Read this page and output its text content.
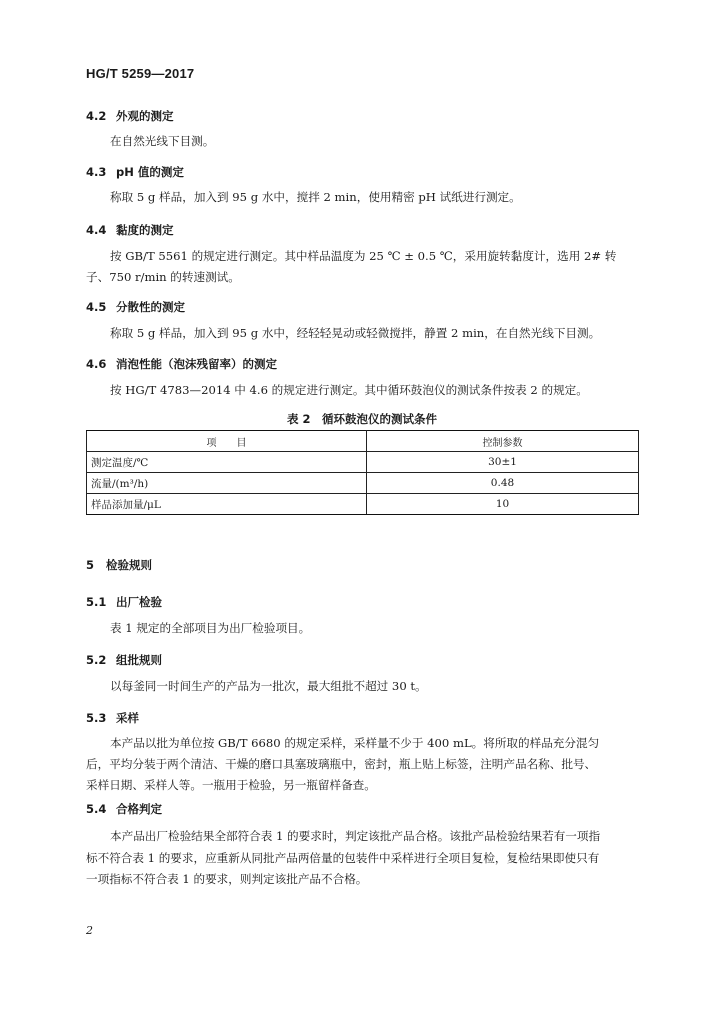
HG/T 5259—2017
4.2 外观的测定
在自然光线下目测。
4.3 pH 值的测定
称取 5 g 样品，加入到 95 g 水中，搅拌 2 min，使用精密 pH 试纸进行测定。
4.4 黏度的测定
按 GB/T 5561 的规定进行测定。其中样品温度为 25 ℃ ± 0.5 ℃，采用旋转黏度计，选用 2# 转
子、750 r/min 的转速测试。
4.5 分散性的测定
称取 5 g 样品，加入到 95 g 水中，经轻轻晃动或轻微搅拌，静置 2 min，在自然光线下目测。
4.6 消泡性能（泡沫残留率）的测定
按 HG/T 4783—2014 中 4.6 的规定进行测定。其中循环鼓泡仪的测试条件按表 2 的规定。
表 2　循环鼓泡仪的测试条件
项　　目	控制参数
测定温度/℃	30±1
流量/(m³/h)	0.48
样品添加量/μL	10
5 检验规则
5.1 出厂检验
表 1 规定的全部项目为出厂检验项目。
5.2 组批规则
以每釜同一时间生产的产品为一批次，最大组批不超过 30 t。
5.3 采样
本产品以批为单位按 GB/T 6680 的规定采样，采样量不少于 400 mL。将所取的样品充分混匀
后，平均分装于两个清洁、干燥的磨口具塞玻璃瓶中，密封，瓶上贴上标签，注明产品名称、批号、
采样日期、采样人等。一瓶用于检验，另一瓶留样备查。
5.4 合格判定
本产品出厂检验结果全部符合表 1 的要求时，判定该批产品合格。该批产品检验结果若有一项指
标不符合表 1 的要求，应重新从同批产品两倍量的包装件中采样进行全项目复检，复检结果即使只有
一项指标不符合表 1 的要求，则判定该批产品不合格。
2
